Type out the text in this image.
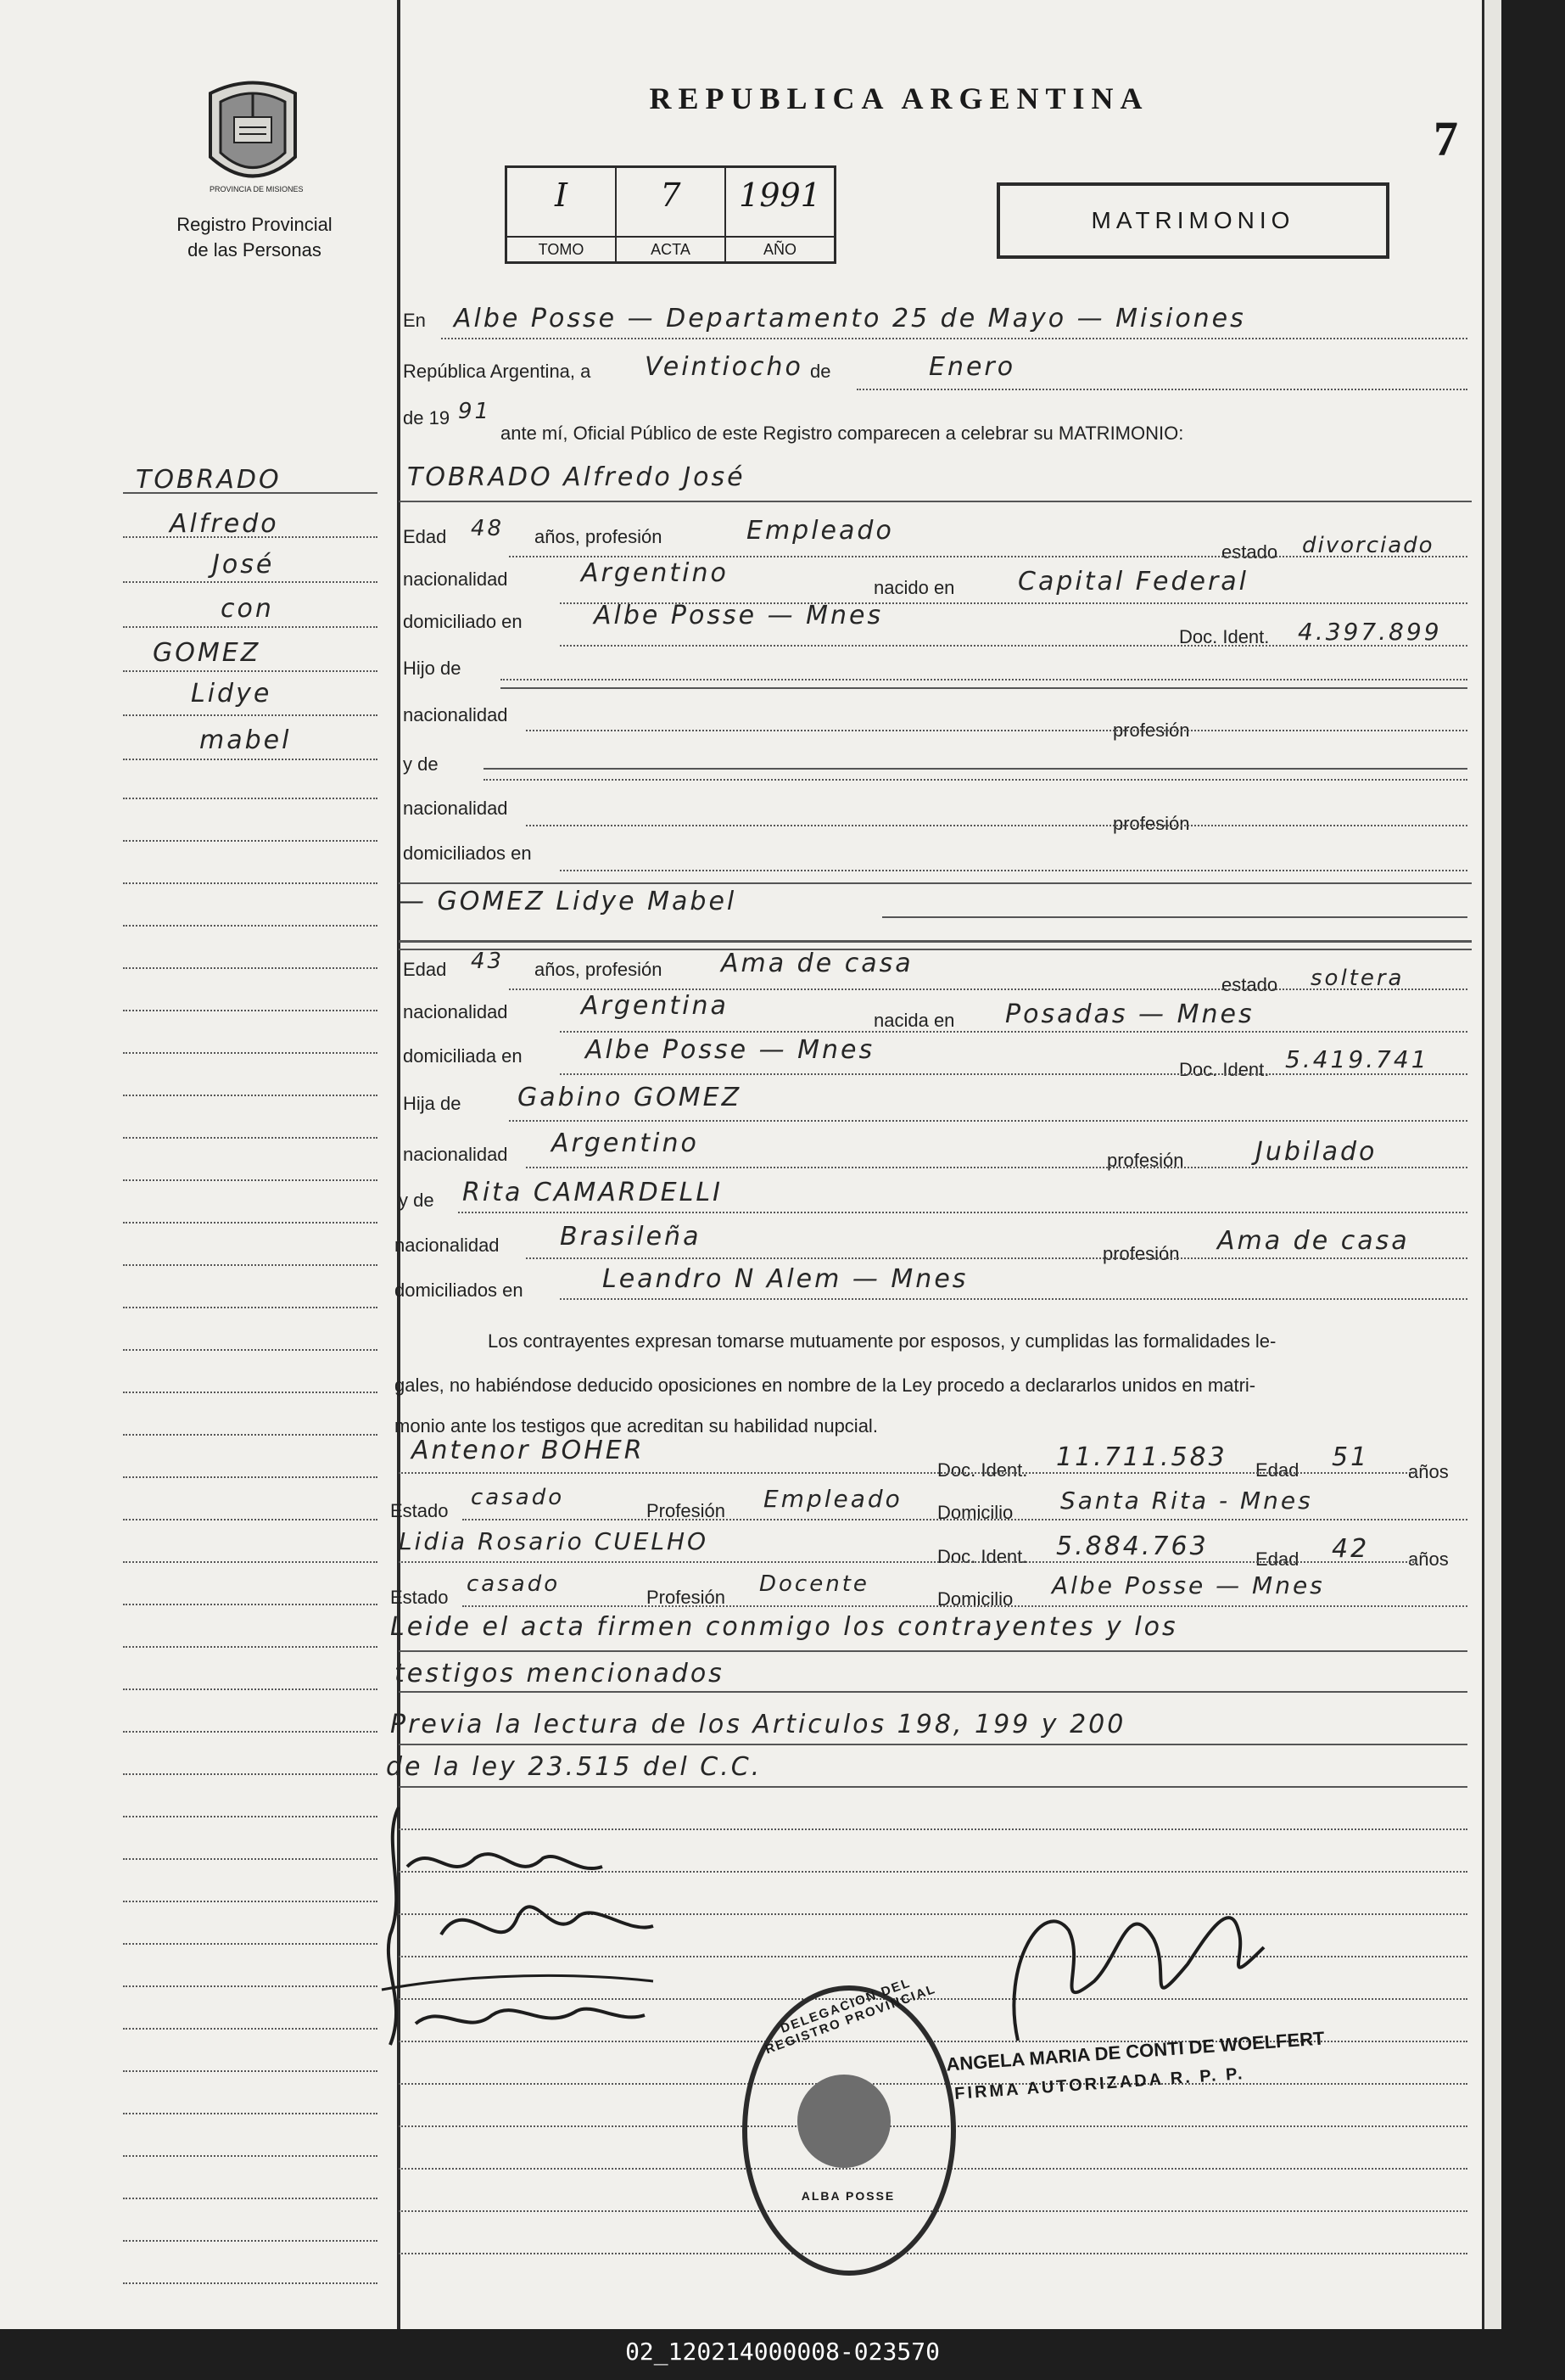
PROVINCIA DE MISIONES
Registro Provincial
de las Personas
REPUBLICA ARGENTINA
7
I
TOMO
7
ACTA
1991
AÑO
MATRIMONIO
TOBRADO
Alfredo
José
con
GOMEZ
Lidye
mabel
En Albe Posse — Departamento 25 de Mayo — Misiones
República Argentina, a Veintiocho de	Enero
de 19 91
ante mí, Oficial Público de este Registro comparecen a celebrar su MATRIMONIO:
TOBRADO Alfredo José
Edad 48 años, profesión	Empleado
estado divorciado
nacionalidad	Argentino	nacido en Capital Federal
domiciliado en	Albe Posse — Mnes
Doc. Ident. 4.397.899
Hijo de
nacionalidad
profesión
y de
nacionalidad
profesión
domiciliados en
— GOMEZ Lidye Mabel
Edad 43 años, profesión Ama de casa
estado soltera
nacionalidad	Argentina	nacida en Posadas — Mnes
domiciliada en Albe Posse — Mnes
Doc. Ident. 5.419.741
Hija de Gabino GOMEZ
nacionalidad Argentino
profesión	Jubilado
y de Rita CAMARDELLI
nacionalidad Brasileña
profesión Ama de casa
domiciliados en	Leandro N Alem — Mnes
Los contrayentes expresan tomarse mutuamente por esposos, y cumplidas las formalidades le-
gales, no habiéndose deducido oposiciones en nombre de la Ley procedo a declararlos unidos en matri-
monio ante los testigos que acreditan su habilidad nupcial.
Antenor BOHER
Doc. Ident. 11.711.583 Edad 51 años
Estado
casado
Profesión Empleado Domicilio Santa Rita - Mnes
Lidia Rosario CUELHO
Doc. Ident. 5.884.763	Edad 42 años
Estado
casado
Profesión
Docente
Domicilio Albe Posse — Mnes
Leide el acta firmen conmigo los contrayentes y los
testigos mencionados
Previa la lectura de los Articulos 198, 199 y 200
de la ley 23.515 del C.C.
DELEGACION DEL REGISTRO PROVINCIAL
ALBA POSSE
ANGELA MARIA DE CONTI DE WOELFERT
FIRMA AUTORIZADA R. P. P.
02_120214000008-023570
